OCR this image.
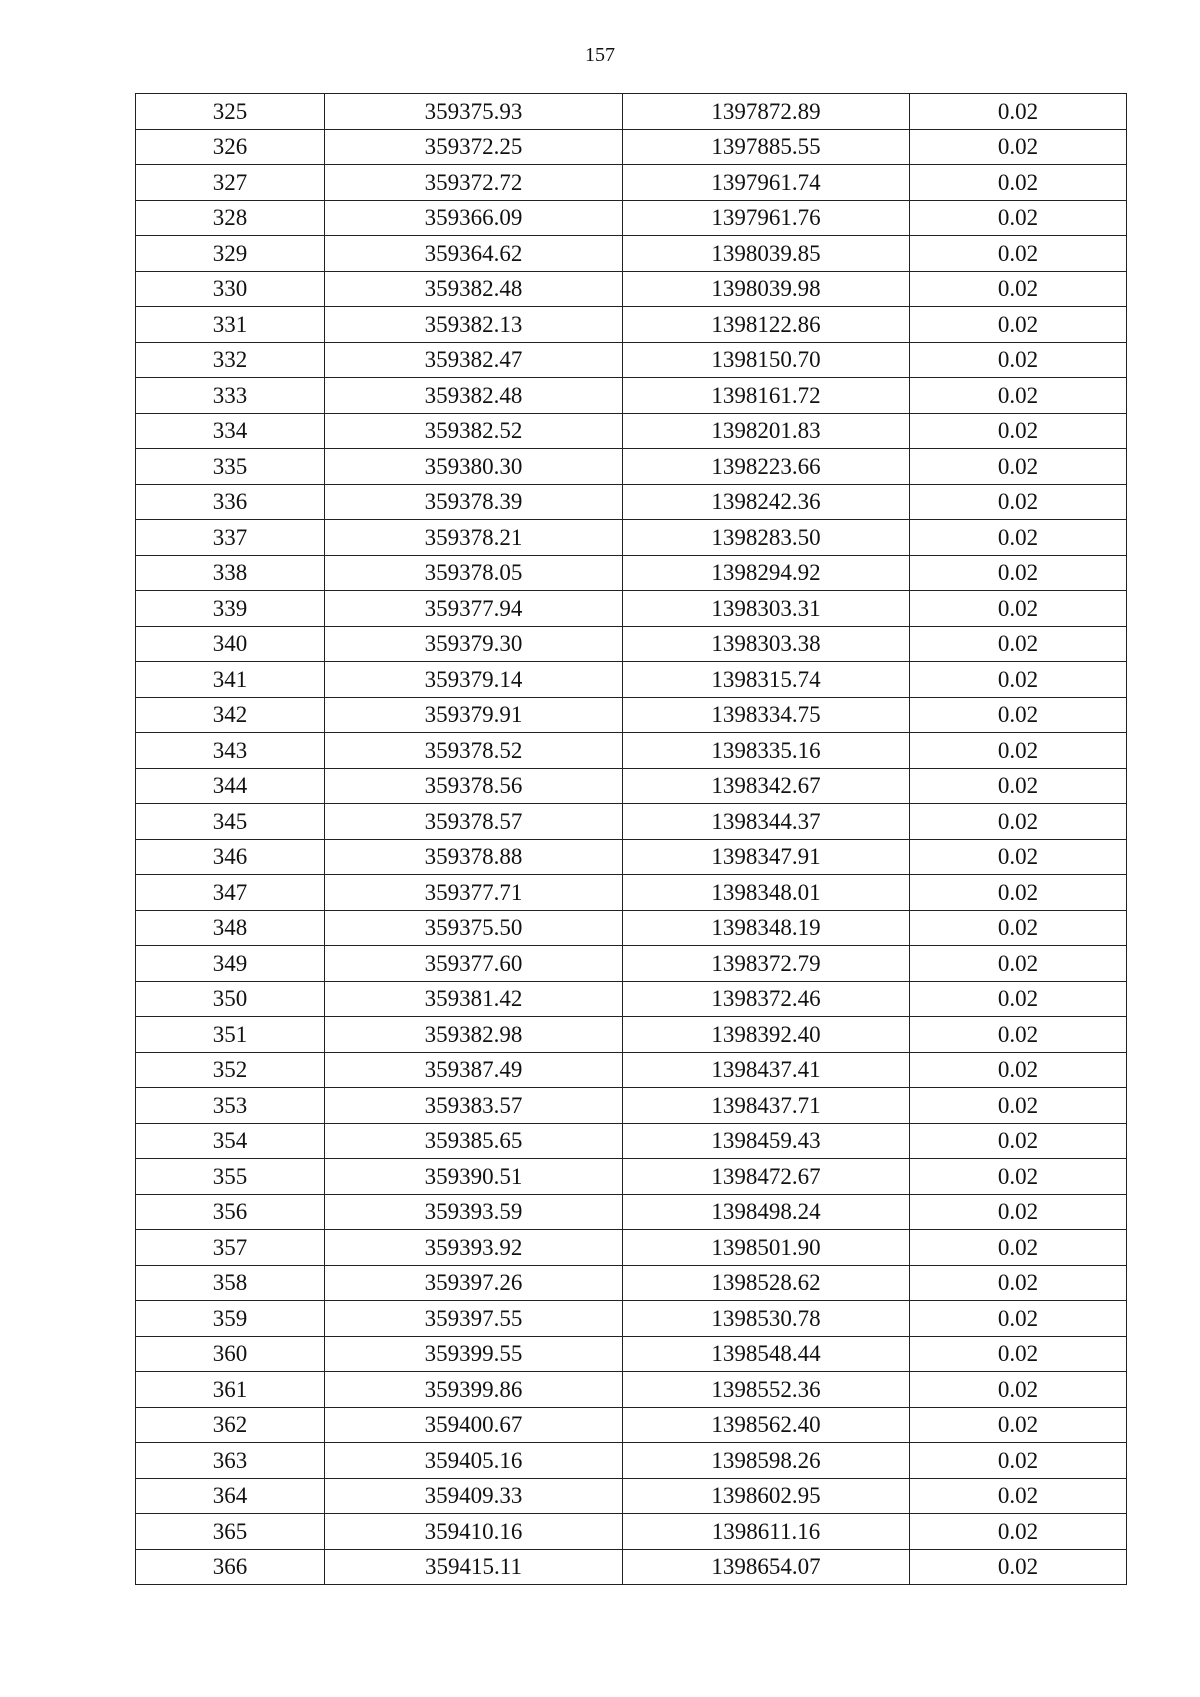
157
325	359375.93	1397872.89	0.02
326	359372.25	1397885.55	0.02
327	359372.72	1397961.74	0.02
328	359366.09	1397961.76	0.02
329	359364.62	1398039.85	0.02
330	359382.48	1398039.98	0.02
331	359382.13	1398122.86	0.02
332	359382.47	1398150.70	0.02
333	359382.48	1398161.72	0.02
334	359382.52	1398201.83	0.02
335	359380.30	1398223.66	0.02
336	359378.39	1398242.36	0.02
337	359378.21	1398283.50	0.02
338	359378.05	1398294.92	0.02
339	359377.94	1398303.31	0.02
340	359379.30	1398303.38	0.02
341	359379.14	1398315.74	0.02
342	359379.91	1398334.75	0.02
343	359378.52	1398335.16	0.02
344	359378.56	1398342.67	0.02
345	359378.57	1398344.37	0.02
346	359378.88	1398347.91	0.02
347	359377.71	1398348.01	0.02
348	359375.50	1398348.19	0.02
349	359377.60	1398372.79	0.02
350	359381.42	1398372.46	0.02
351	359382.98	1398392.40	0.02
352	359387.49	1398437.41	0.02
353	359383.57	1398437.71	0.02
354	359385.65	1398459.43	0.02
355	359390.51	1398472.67	0.02
356	359393.59	1398498.24	0.02
357	359393.92	1398501.90	0.02
358	359397.26	1398528.62	0.02
359	359397.55	1398530.78	0.02
360	359399.55	1398548.44	0.02
361	359399.86	1398552.36	0.02
362	359400.67	1398562.40	0.02
363	359405.16	1398598.26	0.02
364	359409.33	1398602.95	0.02
365	359410.16	1398611.16	0.02
366	359415.11	1398654.07	0.02
